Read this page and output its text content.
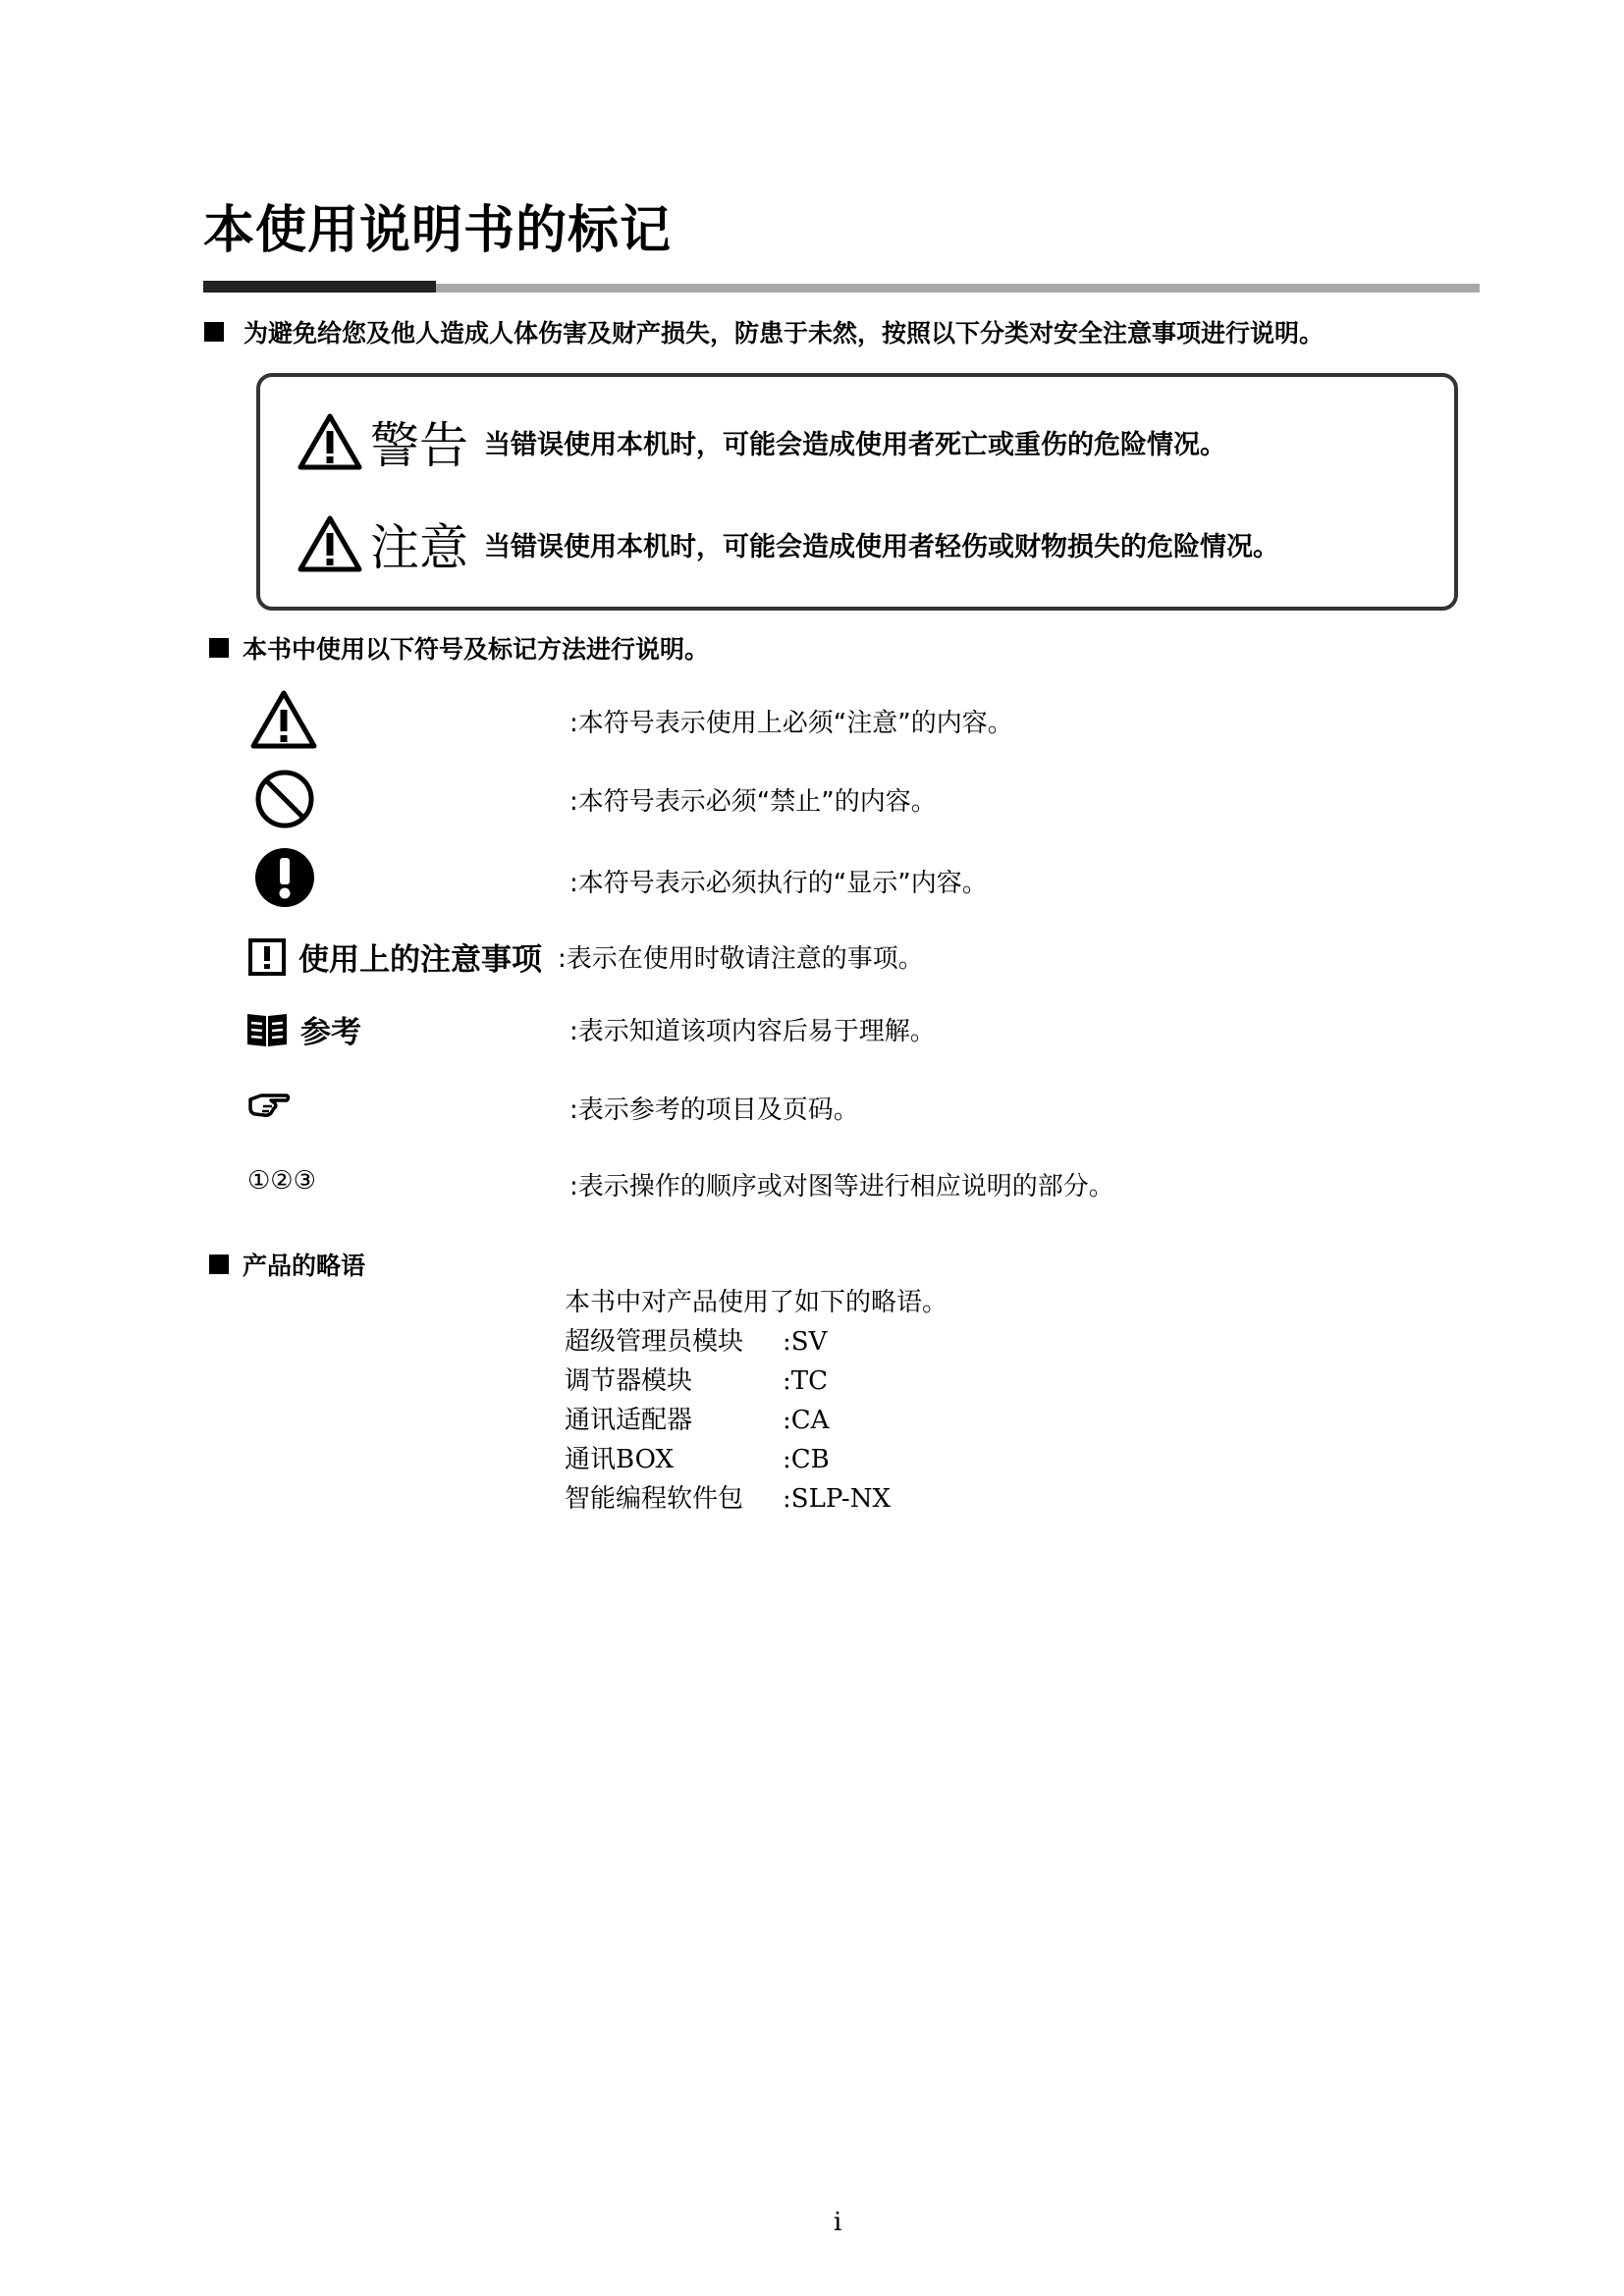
本使用说明书的标记
为避免给您及他人造成人体伤害及财产损失，防患于未然，按照以下分类对安全注意事项进行说明。
警告 当错误使用本机时，可能会造成使用者死亡或重伤的危险情况。
注意 当错误使用本机时，可能会造成使用者轻伤或财物损失的危险情况。
本书中使用以下符号及标记方法进行说明。
:本符号表示使用上必须“注意”的内容。
:本符号表示必须“禁止”的内容。
:本符号表示必须执行的“显示”内容。
使用上的注意事项 :表示在使用时敬请注意的事项。
参考	:表示知道该项内容后易于理解。
:表示参考的项目及页码。
①②③	:表示操作的顺序或对图等进行相应说明的部分。
产品的略语
本书中对产品使用了如下的略语。
超级管理员模块 :SV
调节器模块	:TC
通讯适配器	:CA
通讯BOX	:CB
智能编程软件包 :SLP-NX
i
